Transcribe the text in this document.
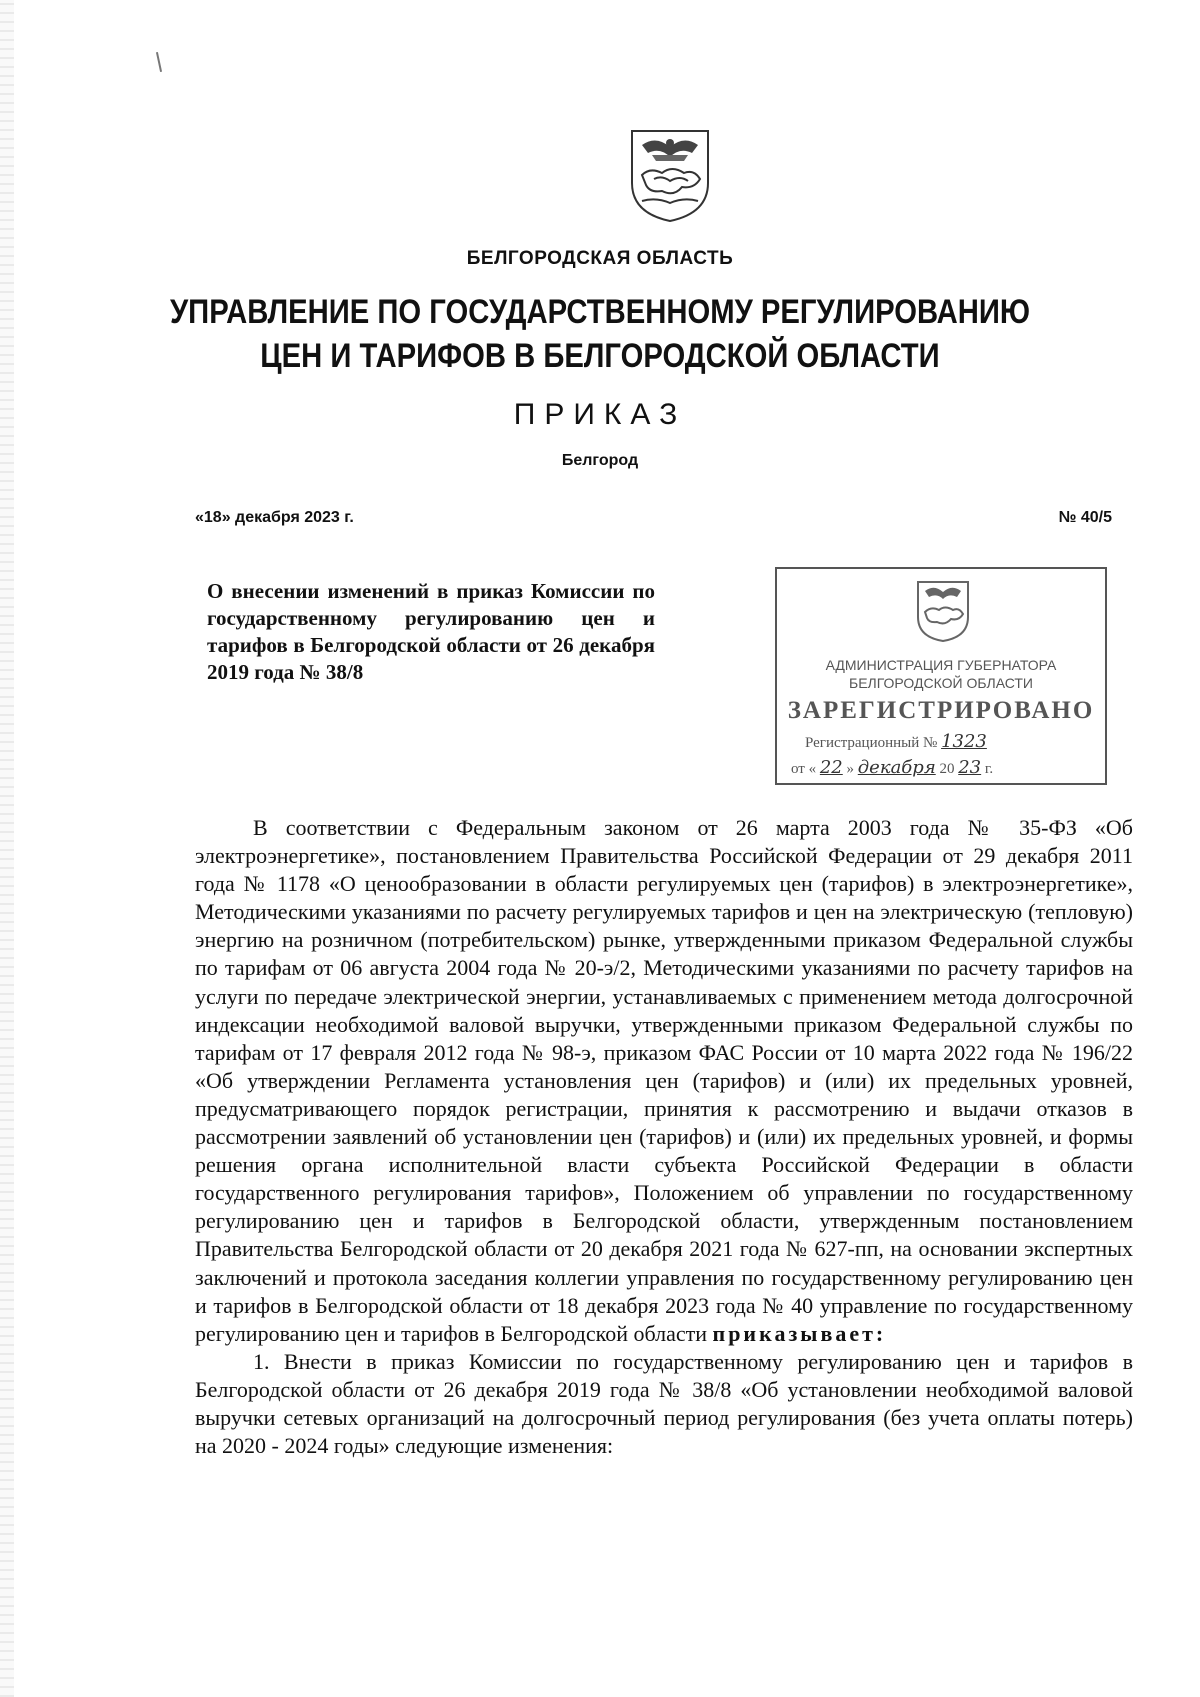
БЕЛГОРОДСКАЯ ОБЛАСТЬ
УПРАВЛЕНИЕ ПО ГОСУДАРСТВЕННОМУ РЕГУЛИРОВАНИЮ
ЦЕН И ТАРИФОВ В БЕЛГОРОДСКОЙ ОБЛАСТИ
ПРИКАЗ
Белгород
«18» декабря 2023 г.	№ 40/5
О внесении изменений в приказ Комиссии по государственному регулированию цен и тарифов в Белгородской области от 26 декабря 2019 года № 38/8	АДМИНИСТРАЦИЯ ГУБЕРНАТОРА
БЕЛГОРОДСКОЙ ОБЛАСТИ
ЗАРЕГИСТРИРОВАНО
Регистрационный № 1323
от « 22 » декабря 20 23 г.

В соответствии с Федеральным законом от 26 марта 2003 года № 35-ФЗ «Об электроэнергетике», постановлением Правительства Российской Федерации от 29 декабря 2011 года № 1178 «О ценообразовании в области регулируемых цен (тарифов) в электроэнергетике», Методическими указаниями по расчету регулируемых тарифов и цен на электрическую (тепловую) энергию на розничном (потребительском) рынке, утвержденными приказом Федеральной службы по тарифам от 06 августа 2004 года № 20-э/2, Методическими указаниями по расчету тарифов на услуги по передаче электрической энергии, устанавливаемых с применением метода долгосрочной индексации необходимой валовой выручки, утвержденными приказом Федеральной службы по тарифам от 17 февраля 2012 года № 98-э, приказом ФАС России от 10 марта 2022 года № 196/22 «Об утверждении Регламента установления цен (тарифов) и (или) их предельных уровней, предусматривающего порядок регистрации, принятия к рассмотрению и выдачи отказов в рассмотрении заявлений об установлении цен (тарифов) и (или) их предельных уровней, и формы решения органа исполнительной власти субъекта Российской Федерации в области государственного регулирования тарифов», Положением об управлении по государственному регулированию цен и тарифов в Белгородской области, утвержденным постановлением Правительства Белгородской области от 20 декабря 2021 года № 627-пп, на основании экспертных заключений и протокола заседания коллегии управления по государственному регулированию цен и тарифов в Белгородской области от 18 декабря 2023 года № 40 управление по государственному регулированию цен и тарифов в Белгородской области приказывает:

1. Внести в приказ Комиссии по государственному регулированию цен и тарифов в Белгородской области от 26 декабря 2019 года № 38/8 «Об установлении необходимой валовой выручки сетевых организаций на долгосрочный период регулирования (без учета оплаты потерь) на 2020 - 2024 годы» следующие изменения:
